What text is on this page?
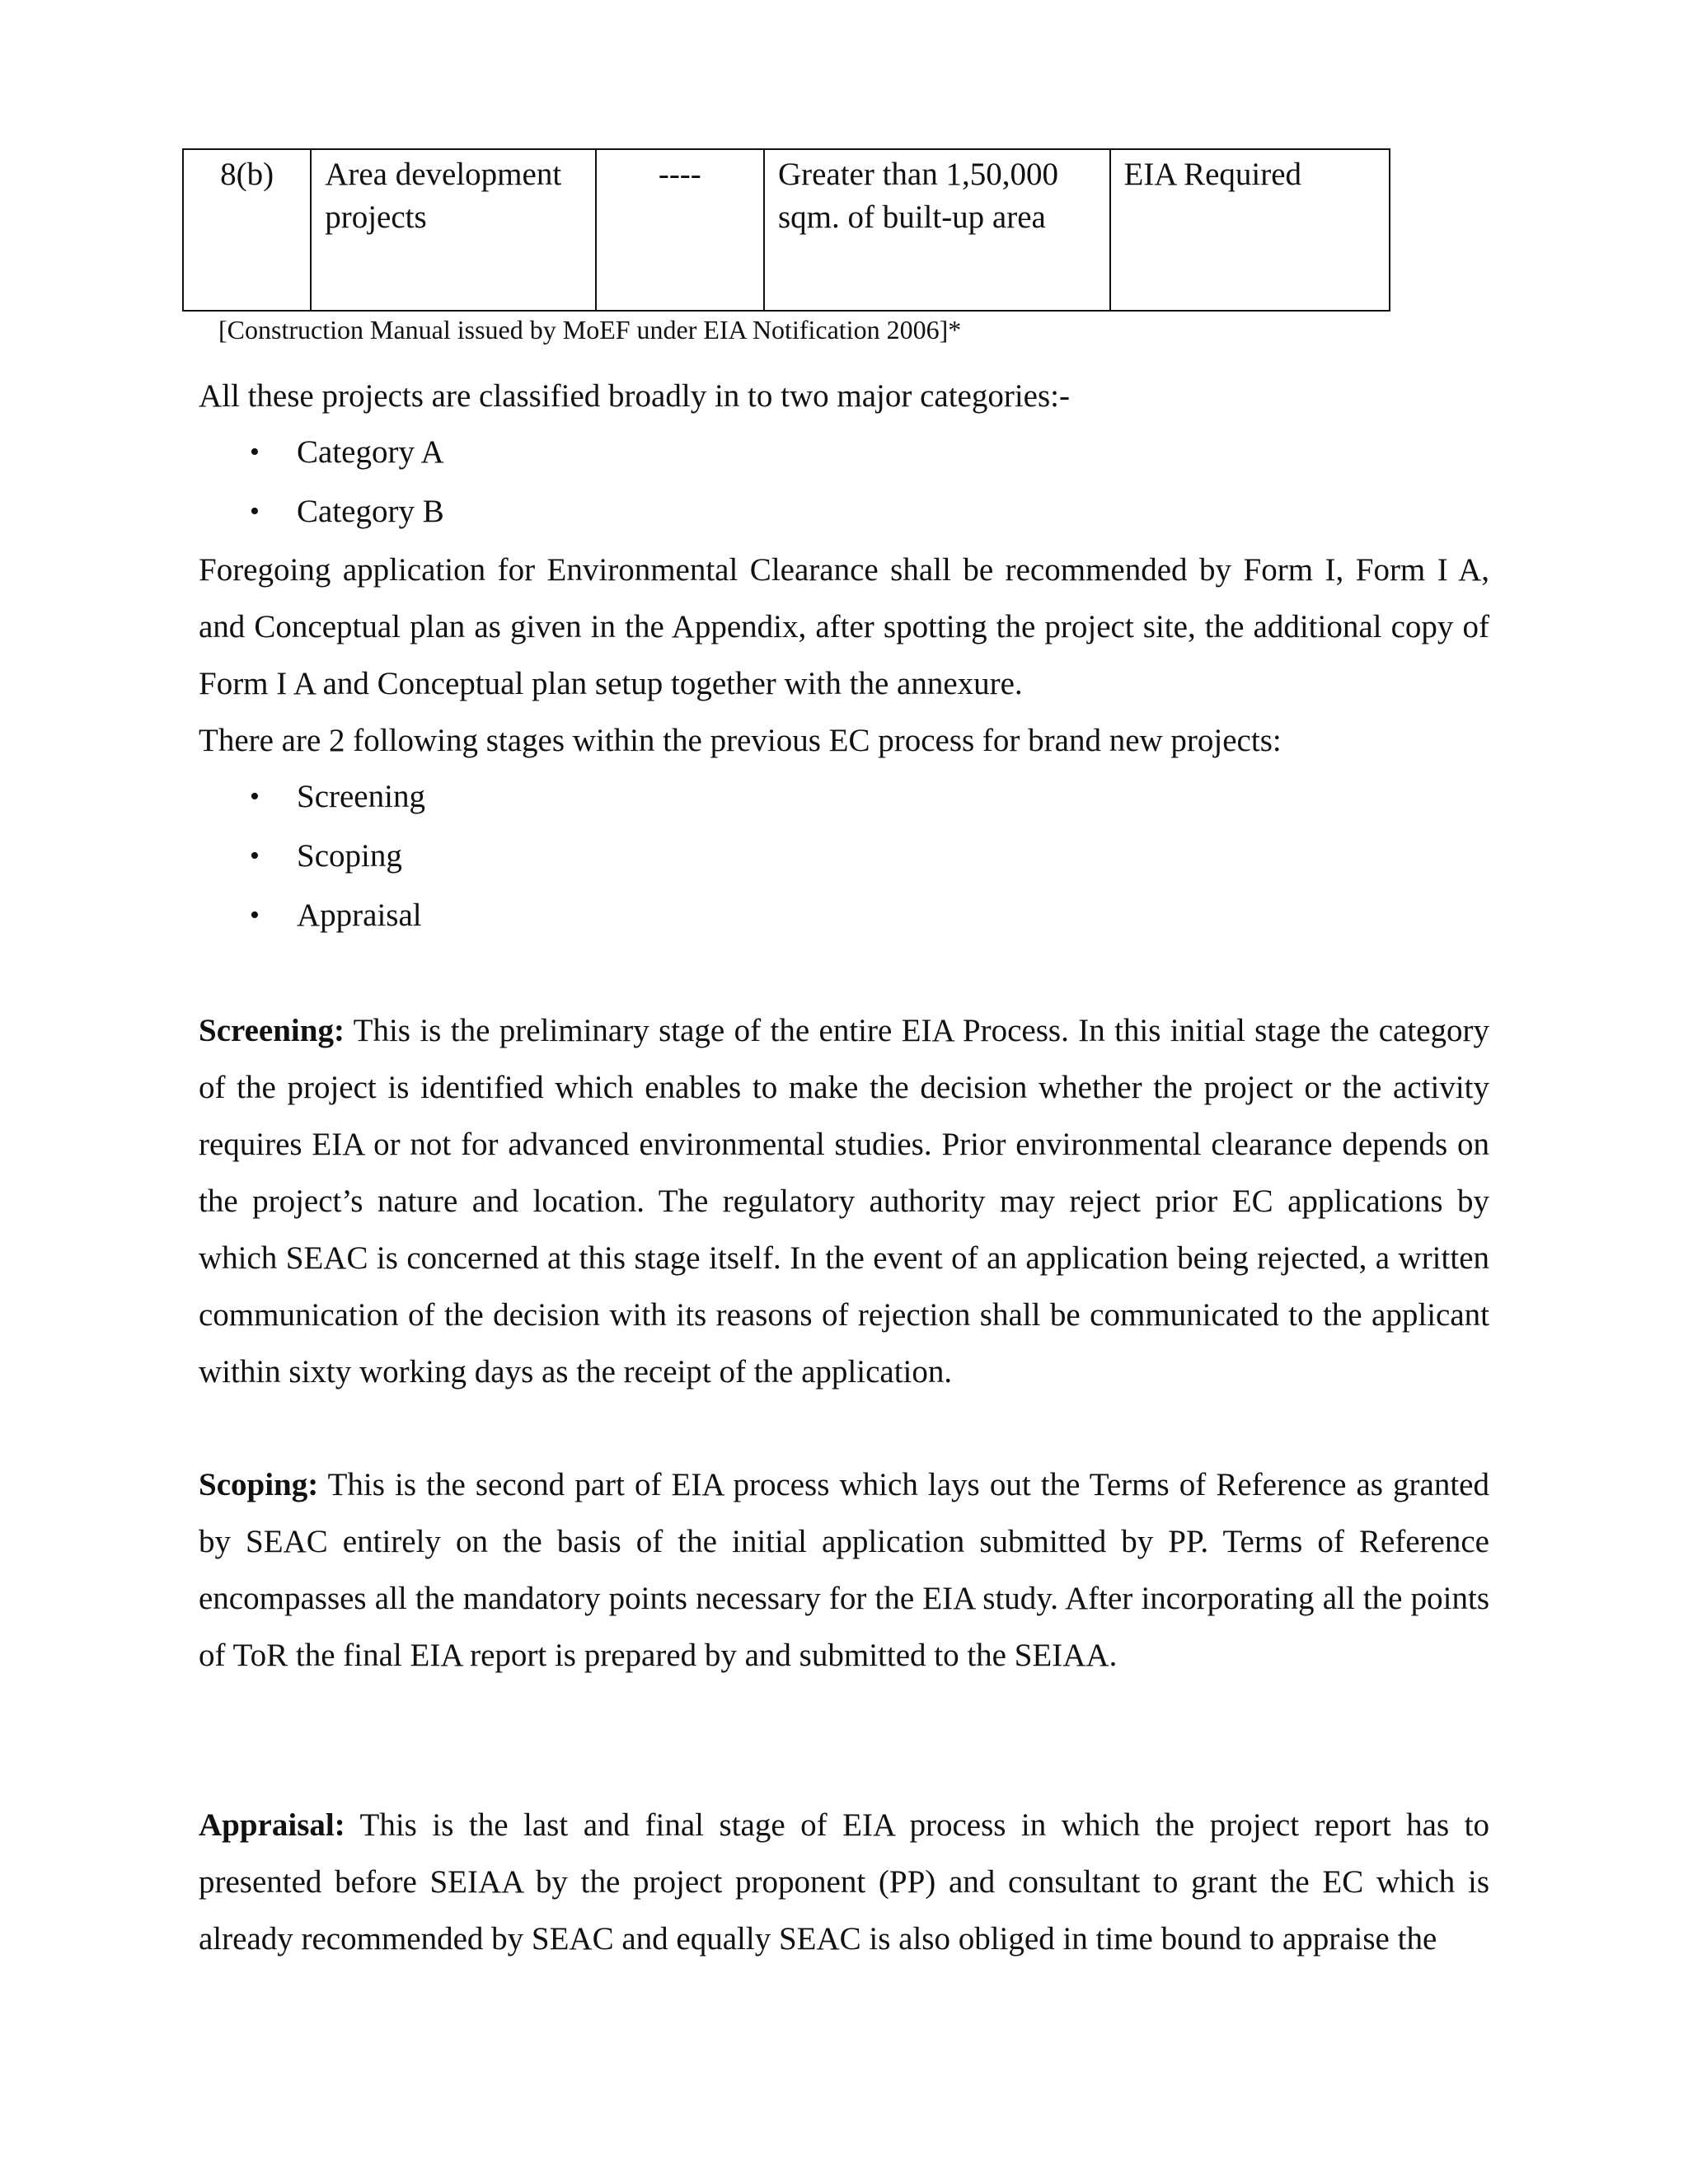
8(b)	Area development projects	----	Greater than 1,50,000 sqm. of built-up area	EIA Required
[Construction Manual issued by MoEF under EIA Notification 2006]*

All these projects are classified broadly in to two major categories:-

• Category A
• Category B

Foregoing application for Environmental Clearance shall be recommended by Form I, Form I A, and Conceptual plan as given in the Appendix, after spotting the project site, the additional copy of Form I A and Conceptual plan setup together with the annexure.

There are 2 following stages within the previous EC process for brand new projects:

• Screening
• Scoping
• Appraisal

Screening: This is the preliminary stage of the entire EIA Process. In this initial stage the category of the project is identified which enables to make the decision whether the project or the activity requires EIA or not for advanced environmental studies. Prior environmental clearance depends on the project’s nature and location. The regulatory authority may reject prior EC applications by which SEAC is concerned at this stage itself. In the event of an application being rejected, a written communication of the decision with its reasons of rejection shall be communicated to the applicant within sixty working days as the receipt of the application.

Scoping: This is the second part of EIA process which lays out the Terms of Reference as granted by SEAC entirely on the basis of the initial application submitted by PP. Terms of Reference encompasses all the mandatory points necessary for the EIA study. After incorporating all the points of ToR the final EIA report is prepared by and submitted to the SEIAA.

Appraisal: This is the last and final stage of EIA process in which the project report has to presented before SEIAA by the project proponent (PP) and consultant to grant the EC which is already recommended by SEAC and equally SEAC is also obliged in time bound to appraise the
